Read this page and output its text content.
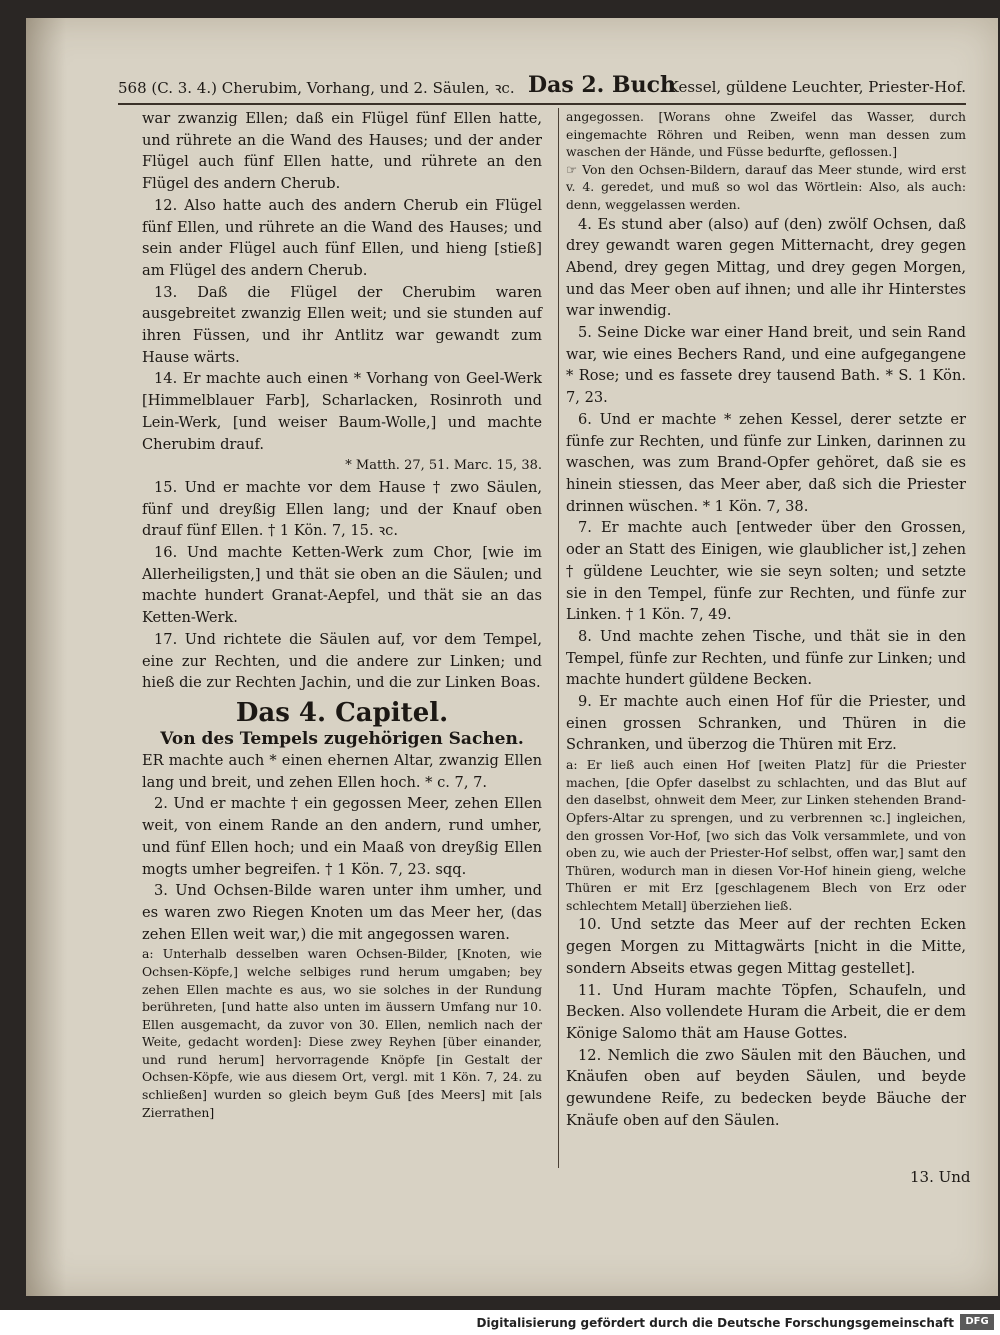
568 (C. 3. 4.) Cherubim, Vorhang, und 2. Säulen, ꝛc. Das 2. Buch
Kessel, güldene Leuchter, Priester-Hof.

war zwanzig Ellen; daß ein Flügel fünf Ellen hatte, und rührete an die Wand des Hauses; und der ander Flügel auch fünf Ellen hatte, und rührete an den Flügel des andern Cherub.

12. Also hatte auch des andern Cherub ein Flügel fünf Ellen, und rührete an die Wand des Hauses; und sein ander Flügel auch fünf Ellen, und hieng [stieß] am Flügel des andern Cherub.

13. Daß die Flügel der Cherubim waren ausgebreitet zwanzig Ellen weit; und sie stunden auf ihren Füssen, und ihr Antlitz war gewandt zum Hause wärts.

14. Er machte auch einen * Vorhang von Geel-Werk [Himmelblauer Farb], Scharlacken, Rosinroth und Lein-Werk, [und weiser Baum-Wolle,] und machte Cherubim drauf.

* Matth. 27, 51. Marc. 15, 38.

15. Und er machte vor dem Hause † zwo Säulen, fünf und dreyßig Ellen lang; und der Knauf oben drauf fünf Ellen. † 1 Kön. 7, 15. ꝛc.

16. Und machte Ketten-Werk zum Chor, [wie im Allerheiligsten,] und thät sie oben an die Säulen; und machte hundert Granat-Aepfel, und thät sie an das Ketten-Werk.

17. Und richtete die Säulen auf, vor dem Tempel, eine zur Rechten, und die andere zur Linken; und hieß die zur Rechten Jachin, und die zur Linken Boas.

Das 4. Capitel.
Von des Tempels zugehörigen Sachen.

ER machte auch * einen ehernen Altar, zwanzig Ellen lang und breit, und zehen Ellen hoch. * c. 7, 7.

2. Und er machte † ein gegossen Meer, zehen Ellen weit, von einem Rande an den andern, rund umher, und fünf Ellen hoch; und ein Maaß von dreyßig Ellen mogts umher begreifen. † 1 Kön. 7, 23. sqq.

3. Und Ochsen-Bilde waren unter ihm umher, und es waren zwo Riegen Knoten um das Meer her, (das zehen Ellen weit war,) die mit angegossen waren.

a: Unterhalb desselben waren Ochsen-Bilder, [Knoten, wie Ochsen-Köpfe,] welche selbiges rund herum umgaben; bey zehen Ellen machte es aus, wo sie solches in der Rundung berühreten, [und hatte also unten im äussern Umfang nur 10. Ellen ausgemacht, da zuvor von 30. Ellen, nemlich nach der Weite, gedacht worden]: Diese zwey Reyhen [über einander, und rund herum] hervorragende Knöpfe [in Gestalt der Ochsen-Köpfe, wie aus diesem Ort, vergl. mit 1 Kön. 7, 24. zu schließen] wurden so gleich beym Guß [des Meers] mit [als Zierrathen]

angegossen. [Worans ohne Zweifel das Wasser, durch eingemachte Röhren und Reiben, wenn man dessen zum waschen der Hände, und Füsse bedurfte, geflossen.]

☞ Von den Ochsen-Bildern, darauf das Meer stunde, wird erst v. 4. geredet, und muß so wol das Wörtlein: Also, als auch: denn, weggelassen werden.

4. Es stund aber (also) auf (den) zwölf Ochsen, daß drey gewandt waren gegen Mitternacht, drey gegen Abend, drey gegen Mittag, und drey gegen Morgen, und das Meer oben auf ihnen; und alle ihr Hinterstes war inwendig.

5. Seine Dicke war einer Hand breit, und sein Rand war, wie eines Bechers Rand, und eine aufgegangene * Rose; und es fassete drey tausend Bath. * S. 1 Kön. 7, 23.

6. Und er machte * zehen Kessel, derer setzte er fünfe zur Rechten, und fünfe zur Linken, darinnen zu waschen, was zum Brand-Opfer gehöret, daß sie es hinein stiessen, das Meer aber, daß sich die Priester drinnen wüschen. * 1 Kön. 7, 38.

7. Er machte auch [entweder über den Grossen, oder an Statt des Einigen, wie glaublicher ist,] zehen † güldene Leuchter, wie sie seyn solten; und setzte sie in den Tempel, fünfe zur Rechten, und fünfe zur Linken. † 1 Kön. 7, 49.

8. Und machte zehen Tische, und thät sie in den Tempel, fünfe zur Rechten, und fünfe zur Linken; und machte hundert güldene Becken.

9. Er machte auch einen Hof für die Priester, und einen grossen Schranken, und Thüren in die Schranken, und überzog die Thüren mit Erz.

a: Er ließ auch einen Hof [weiten Platz] für die Priester machen, [die Opfer daselbst zu schlachten, und das Blut auf den daselbst, ohnweit dem Meer, zur Linken stehenden Brand-Opfers-Altar zu sprengen, und zu verbrennen ꝛc.] ingleichen, den grossen Vor-Hof, [wo sich das Volk versammlete, und von oben zu, wie auch der Priester-Hof selbst, offen war,] samt den Thüren, wodurch man in diesen Vor-Hof hinein gieng, welche Thüren er mit Erz [geschlagenem Blech von Erz oder schlechtem Metall] überziehen ließ.

10. Und setzte das Meer auf der rechten Ecken gegen Morgen zu Mittagwärts [nicht in die Mitte, sondern Abseits etwas gegen Mittag gestellet].

11. Und Huram machte Töpfen, Schaufeln, und Becken. Also vollendete Huram die Arbeit, die er dem Könige Salomo thät am Hause Gottes.

12. Nemlich die zwo Säulen mit den Bäuchen, und Knäufen oben auf beyden Säulen, und beyde gewundene Reife, zu bedecken beyde Bäuche der Knäufe oben auf den Säulen.

13. Und
Digitalisierung gefördert durch die Deutsche Forschungsgemeinschaft	DFG
